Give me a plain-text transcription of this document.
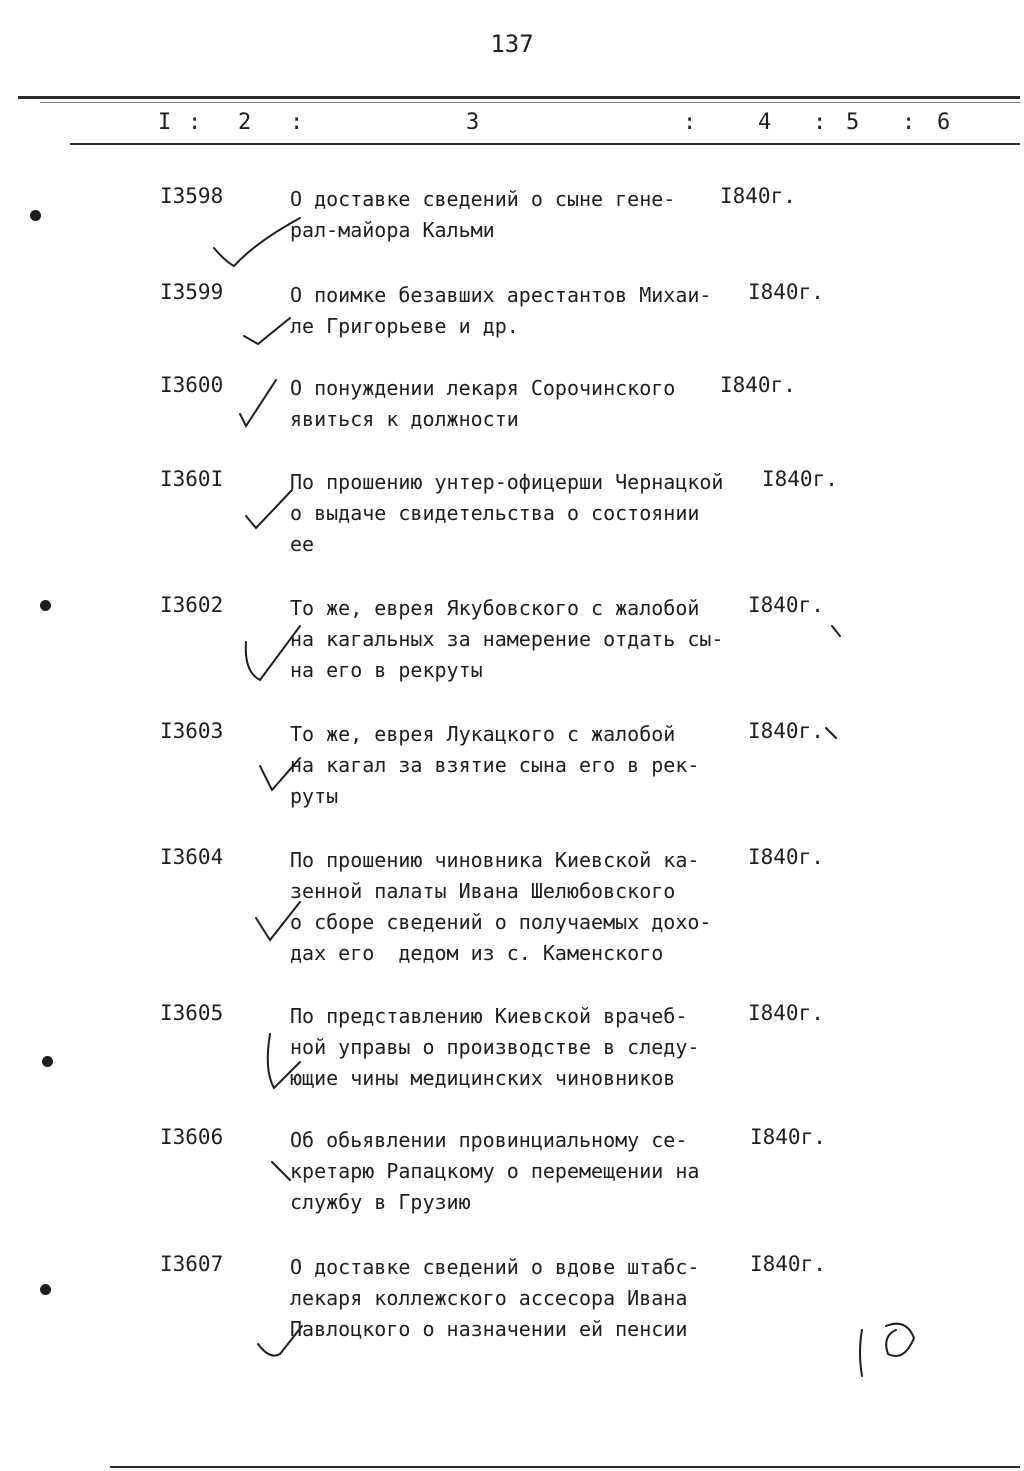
137
I : 2 :	3	:	4 : 5 : 6
I3598	О доставке сведений о сыне гене-
рал-майора Кальми
I840г.
I3599	О поимке безавших арестантов Михаи-
ле Григорьеве и др.
I840г.
I3600	О понуждении лекаря Сорочинского
явиться к должности
I840г.
I360I	По прошению унтер-офицерши Чернацкой
о выдаче свидетельства о состоянии
ее
I840г.
I3602	То же, еврея Якубовского с жалобой
на кагальных за намерение отдать сы-
на его в рекруты
I840г.
I3603	То же, еврея Лукацкого с жалобой
на кагал за взятие сына его в рек-
руты
I840г.
I3604	По прошению чиновника Киевской ка-
зенной палаты Ивана Шелюбовского
о сборе сведений о получаемых дохо-
дах его  дедом из с. Каменского
I840г.
I3605	По представлению Киевской врачеб-
ной управы о производстве в следу-
ющие чины медицинских чиновников
I840г.
I3606	Об обьявлении провинциальному се-
кретарю Рапацкому о перемещении на
службу в Грузию
I840г.
I3607	О доставке сведений о вдове штабс-
лекаря коллежского ассесора Ивана
Павлоцкого о назначении ей пенсии
I840г.
